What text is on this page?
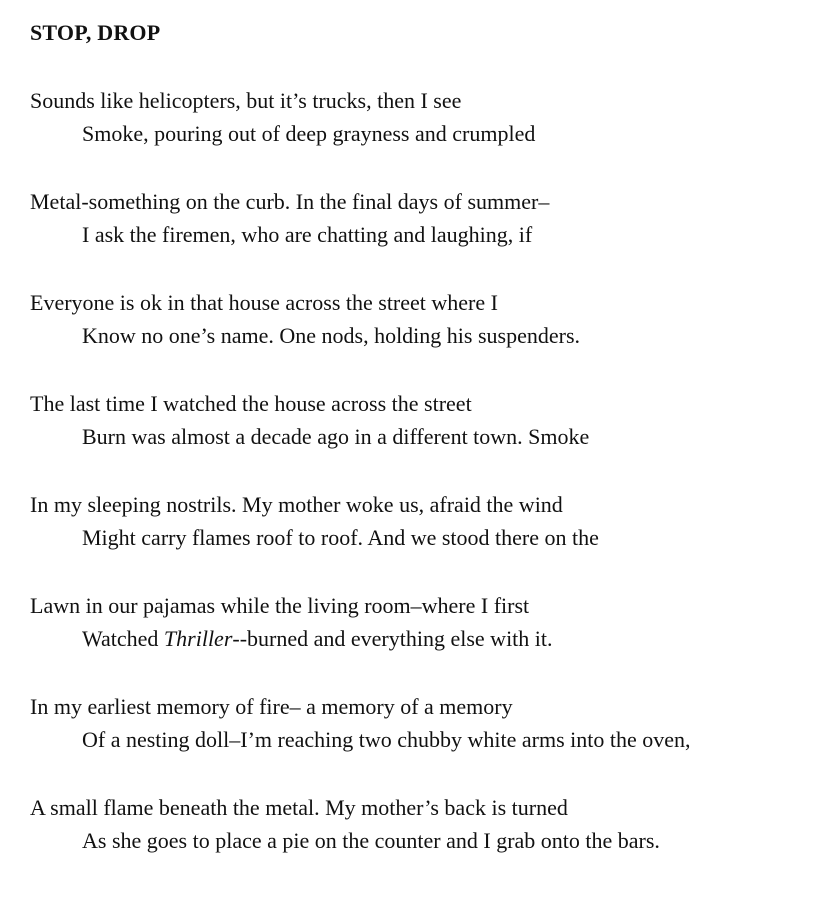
STOP, DROP

Sounds like helicopters, but it’s trucks, then I see

Smoke, pouring out of deep grayness and crumpled

Metal-something on the curb. In the final days of summer–

I ask the firemen, who are chatting and laughing, if

Everyone is ok in that house across the street where I

Know no one’s name. One nods, holding his suspenders.

The last time I watched the house across the street

Burn was almost a decade ago in a different town. Smoke

In my sleeping nostrils. My mother woke us, afraid the wind

Might carry flames roof to roof. And we stood there on the

Lawn in our pajamas while the living room–where I first

Watched Thriller--burned and everything else with it.

In my earliest memory of fire– a memory of a memory

Of a nesting doll–I’m reaching two chubby white arms into the oven,

A small flame beneath the metal. My mother’s back is turned

As she goes to place a pie on the counter and I grab onto the bars.
